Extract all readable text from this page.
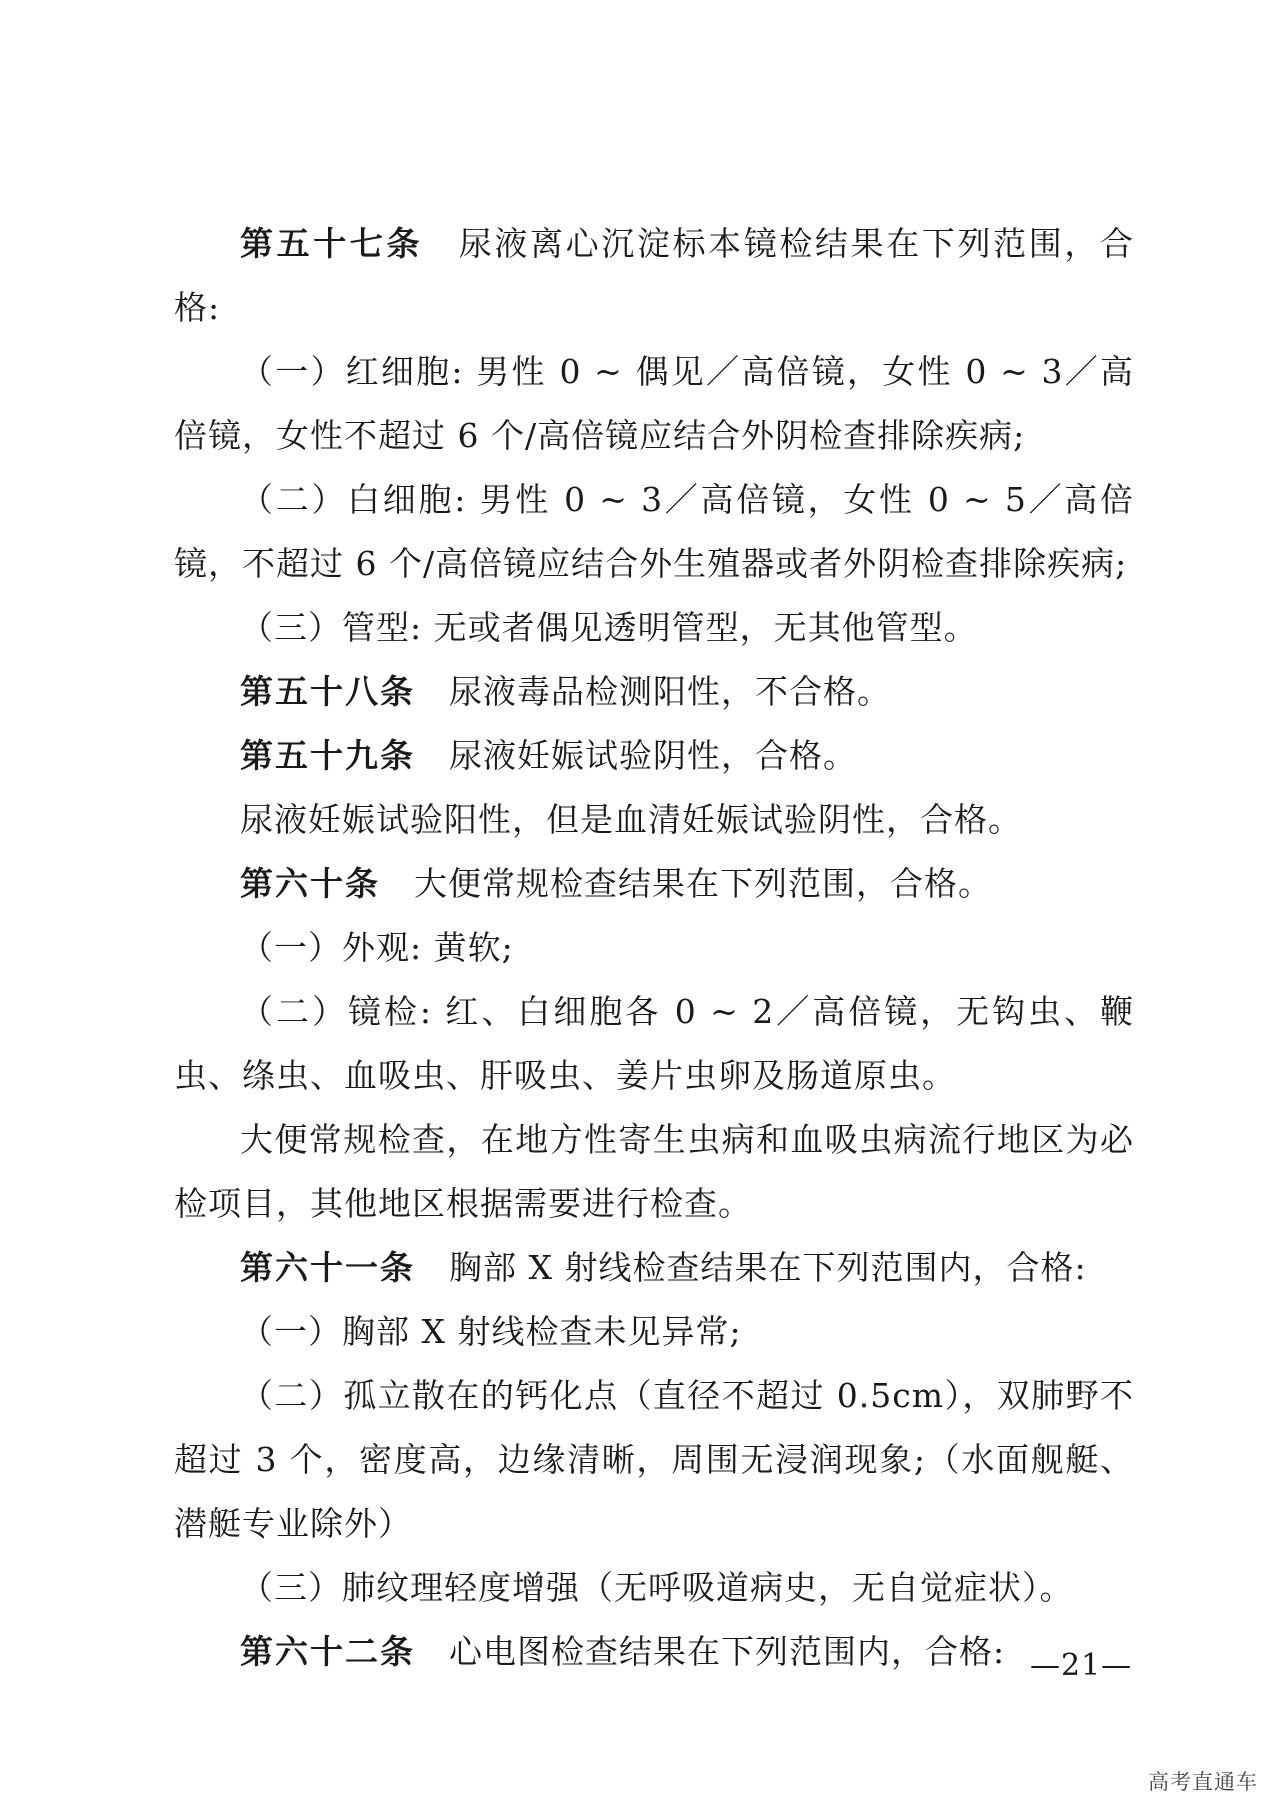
第五十七条 尿液离心沉淀标本镜检结果在下列范围，合格:

（一）红细胞: 男性 0 ~ 偶见／高倍镜，女性 0 ~ 3／高倍镜，女性不超过 6 个/高倍镜应结合外阴检查排除疾病;

（二）白细胞: 男性 0 ~ 3／高倍镜，女性 0 ~ 5／高倍镜，不超过 6 个/高倍镜应结合外生殖器或者外阴检查排除疾病;

（三）管型: 无或者偶见透明管型，无其他管型。

第五十八条 尿液毒品检测阳性，不合格。

第五十九条 尿液妊娠试验阴性，合格。

尿液妊娠试验阳性，但是血清妊娠试验阴性，合格。

第六十条 大便常规检查结果在下列范围，合格。

（一）外观: 黄软;

（二）镜检: 红、白细胞各 0 ~ 2／高倍镜，无钩虫、鞭虫、绦虫、血吸虫、肝吸虫、姜片虫卵及肠道原虫。

大便常规检查，在地方性寄生虫病和血吸虫病流行地区为必检项目，其他地区根据需要进行检查。

第六十一条 胸部 X 射线检查结果在下列范围内，合格:

（一）胸部 X 射线检查未见异常;

（二）孤立散在的钙化点（直径不超过 0.5cm），双肺野不超过 3 个，密度高，边缘清晰，周围无浸润现象;（水面舰艇、潜艇专业除外）

（三）肺纹理轻度增强（无呼吸道病史，无自觉症状）。

第六十二条 心电图检查结果在下列范围内，合格: —21—
高考直通车
